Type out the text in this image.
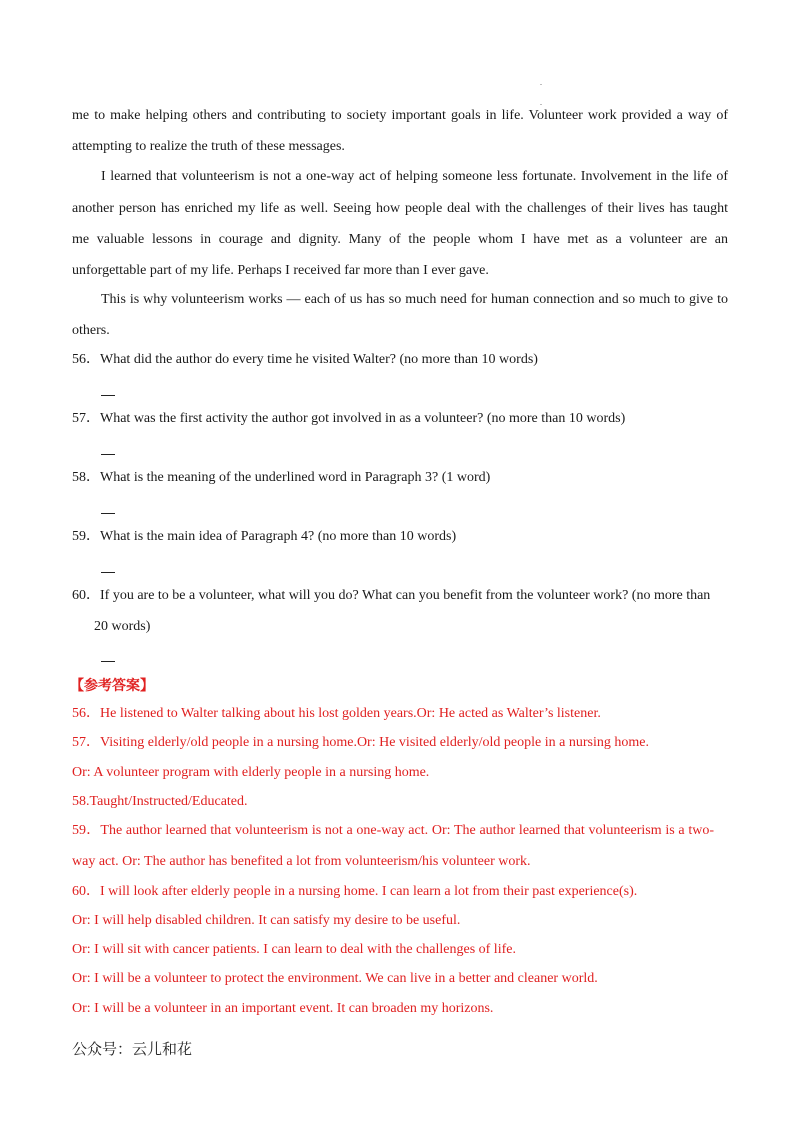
.

.
me to make helping others and contributing to society important goals in life. Volunteer work provided a way of
attempting to realize the truth of these messages.
I learned that volunteerism is not a one-way act of helping someone less fortunate. Involvement in the life of
another person has enriched my life as well. Seeing how people deal with the challenges of their lives has taught
me valuable lessons in courage and dignity. Many of the people whom I have met as a volunteer are an
unforgettable part of my life. Perhaps I received far more than I ever gave.
This is why volunteerism works — each of us has so much need for human connection and so much to give to
others.
56．What did the author do every time he visited Walter? (no more than 10 words)
57．What was the first activity the author got involved in as a volunteer? (no more than 10 words)
58．What is the meaning of the underlined word in Paragraph 3? (1 word)
59．What is the main idea of Paragraph 4? (no more than 10 words)
60．If you are to be a volunteer, what will you do? What can you benefit from the volunteer work? (no more than
20 words)
【参考答案】
56．He listened to Walter talking about his lost golden years.Or: He acted as Walter’s listener.
57．Visiting elderly/old people in a nursing home.Or: He visited elderly/old people in a nursing home.
Or: A volunteer program with elderly people in a nursing home.
58.Taught/Instructed/Educated.
59．The author learned that volunteerism is not a one-way act. Or: The author learned that volunteerism is a two-
way act. Or: The author has benefited a lot from volunteerism/his volunteer work.
60．I will look after elderly people in a nursing home. I can learn a lot from their past experience(s).
Or: I will help disabled children. It can satisfy my desire to be useful.
Or: I will sit with cancer patients. I can learn to deal with the challenges of life.
Or: I will be a volunteer to protect the environment. We can live in a better and cleaner world.
Or: I will be a volunteer in an important event. It can broaden my horizons.
公众号：云儿和花
